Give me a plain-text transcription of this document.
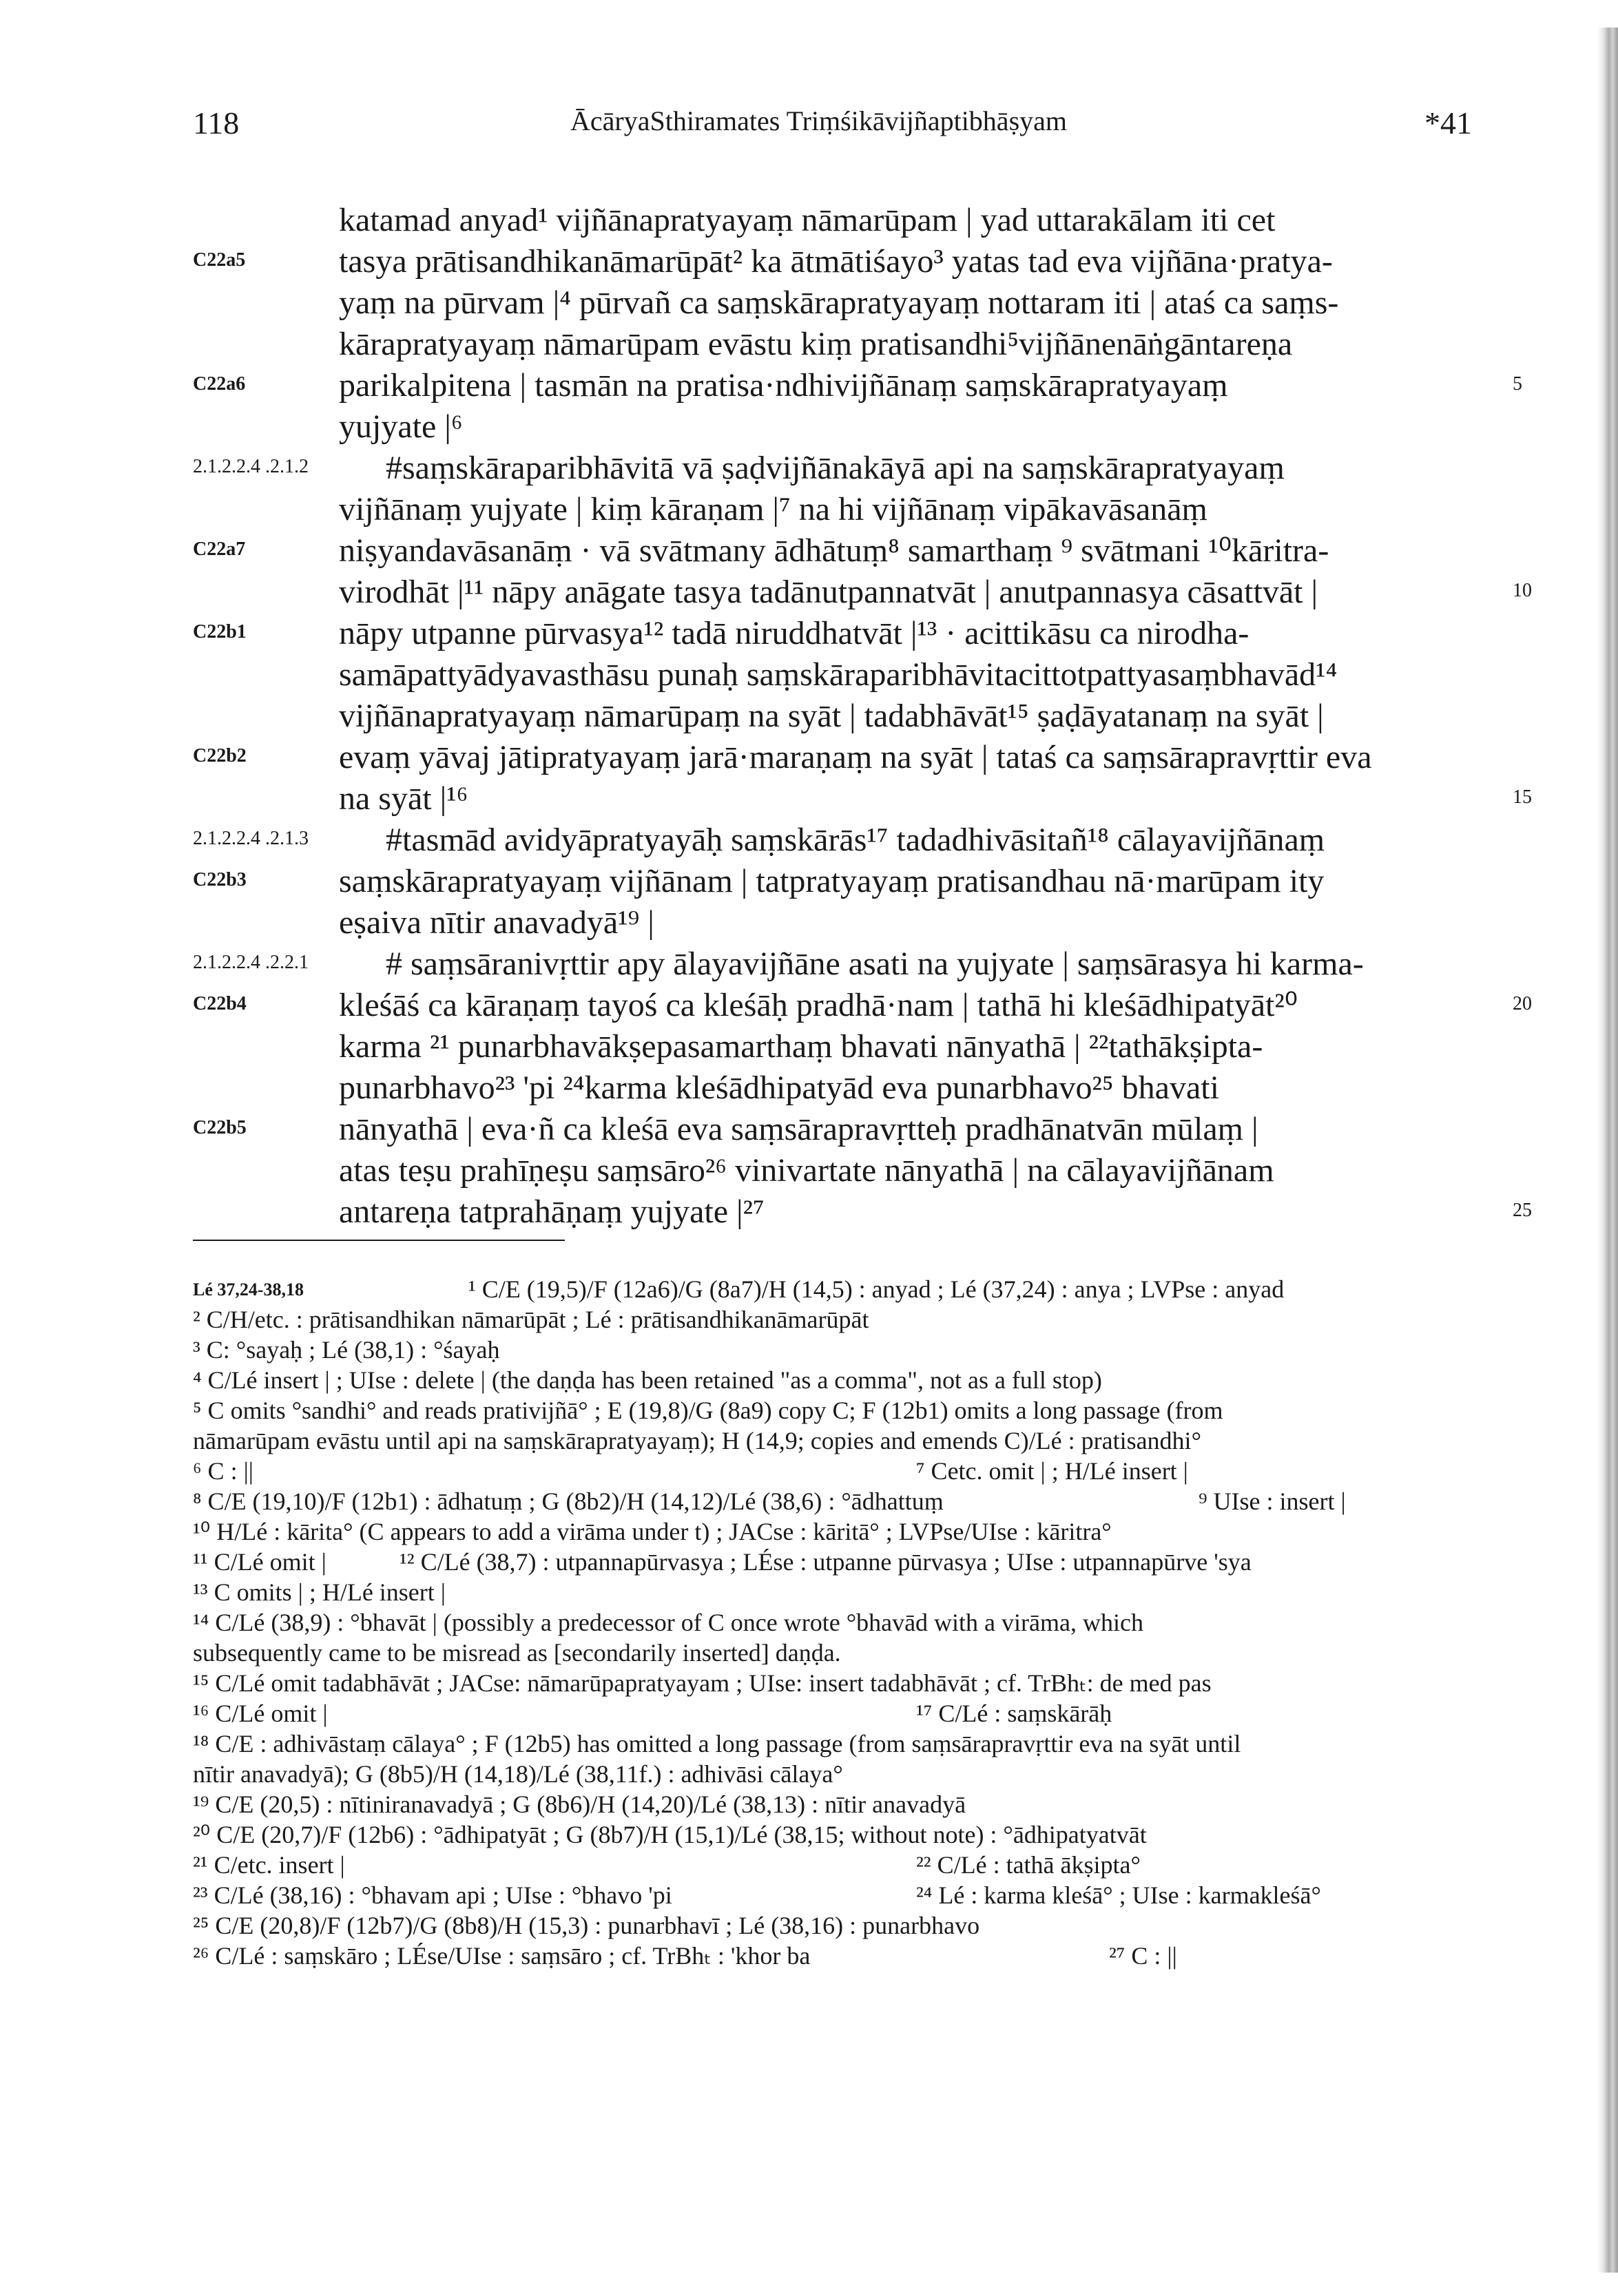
118	ĀcāryaSthiramates Triṃśikāvijñaptibhāṣyam	*41
katamad anyad¹ vijñānapratyayaṃ nāmarūpam | yad uttarakālam iti cet
tasya prātisandhikanāmarūpāt² ka ātmātiśayo³ yatas tad eva vijñāna·pratya-
yaṃ na pūrvam |⁴ pūrvañ ca saṃskārapratyayaṃ nottaram iti | ataś ca saṃs-
kārapratyayaṃ nāmarūpam evāstu kiṃ pratisandhi⁵vijñānenāṅgāntareṇa
parikalpitena | tasmān na pratisa·ndhivijñānaṃ saṃskārapratyayaṃ
yujyate |⁶
#saṃskāraparibhāvitā vā ṣaḍvijñānakāyā api na saṃskārapratyayaṃ
vijñānaṃ yujyate | kiṃ kāraṇam |⁷ na hi vijñānaṃ vipākavāsanāṃ
niṣyandavāsanāṃ · vā svātmany ādhātuṃ⁸ samarthaṃ ⁹ svātmani ¹⁰kāritra-
virodhāt |¹¹ nāpy anāgate tasya tadānutpannatvāt | anutpannasya cāsattvāt |
nāpy utpanne pūrvasya¹² tadā niruddhatvāt |¹³ · acittikāsu ca nirodha-
samāpattyādyavasthāsu punaḥ saṃskāraparibhāvitacittotpattyasaṃbhavād¹⁴
vijñānapratyayaṃ nāmarūpaṃ na syāt | tadabhāvāt¹⁵ ṣaḍāyatanaṃ na syāt |
evaṃ yāvaj jātipratyayaṃ jarā·maraṇaṃ na syāt | tataś ca saṃsārapravṛttir eva
na syāt |¹⁶
#tasmād avidyāpratyayāḥ saṃskārās¹⁷ tadadhivāsitañ¹⁸ cālayavijñānaṃ
saṃskārapratyayaṃ vijñānam | tatpratyayaṃ pratisandhau nā·marūpam ity
eṣaiva nītir anavadyā¹⁹ |
# saṃsāranivṛttir apy ālayavijñāne asati na yujyate | saṃsārasya hi karma-
kleśāś ca kāraṇaṃ tayoś ca kleśāḥ pradhā·nam | tathā hi kleśādhipatyāt²⁰
karma ²¹ punarbhavākṣepasamarthaṃ bhavati nānyathā | ²²tathākṣipta-
punarbhavo²³ 'pi ²⁴karma kleśādhipatyād eva punarbhavo²⁵ bhavati
nānyathā | eva·ñ ca kleśā eva saṃsārapravṛtteḥ pradhānatvān mūlaṃ |
atas teṣu prahīṇeṣu saṃsāro²⁶ vinivartate nānyathā | na cālayavijñānam
antareṇa tatprahāṇaṃ yujyate |²⁷
C22a5
C22a6
2.1.2.2.4 .2.1.2
C22a7
C22b1
C22b2
2.1.2.2.4 .2.1.3
C22b3
2.1.2.2.4 .2.2.1
C22b4
C22b5
5
10
15
20
25
Lé 37,24-38,18	¹ C/E (19,5)/F (12a6)/G (8a7)/H (14,5) : anyad ; Lé (37,24) : anya ; LVPse : anyad
² C/H/etc. : prātisandhikan nāmarūpāt ; Lé : prātisandhikanāmarūpāt
³ C: °sayaḥ ; Lé (38,1) : °śayaḥ
⁴ C/Lé insert | ; UIse : delete | (the daṇḍa has been retained "as a comma", not as a full stop)
⁵ C omits °sandhi° and reads prativijñā° ; E (19,8)/G (8a9) copy C; F (12b1) omits a long passage (from
nāmarūpam evāstu until api na saṃskārapratyayaṃ); H (14,9; copies and emends C)/Lé : pratisandhi°
⁶ C : ||	⁷ Cetc. omit | ; H/Lé insert |
⁸ C/E (19,10)/F (12b1) : ādhatuṃ ; G (8b2)/H (14,12)/Lé (38,6) : °ādhattuṃ	⁹ UIse : insert |
¹⁰ H/Lé : kārita° (C appears to add a virāma under t) ; JACse : kāritā° ; LVPse/UIse : kāritra°
¹¹ C/Lé omit |	¹² C/Lé (38,7) : utpannapūrvasya ; LÉse : utpanne pūrvasya ; UIse : utpannapūrve 'sya
¹³ C omits | ; H/Lé insert |
¹⁴ C/Lé (38,9) : °bhavāt | (possibly a predecessor of C once wrote °bhavād with a virāma, which
subsequently came to be misread as [secondarily inserted] daṇḍa.
¹⁵ C/Lé omit tadabhāvāt ; JACse: nāmarūpapratyayam ; UIse: insert tadabhāvāt ; cf. TrBhₜ: de med pas
¹⁶ C/Lé omit |	¹⁷ C/Lé : saṃskārāḥ
¹⁸ C/E : adhivāstaṃ cālaya° ; F (12b5) has omitted a long passage (from saṃsārapravṛttir eva na syāt until
nītir anavadyā); G (8b5)/H (14,18)/Lé (38,11f.) : adhivāsi cālaya°
¹⁹ C/E (20,5) : nītiniranavadyā ; G (8b6)/H (14,20)/Lé (38,13) : nītir anavadyā
²⁰ C/E (20,7)/F (12b6) : °ādhipatyāt ; G (8b7)/H (15,1)/Lé (38,15; without note) : °ādhipatyatvāt
²¹ C/etc. insert |	²² C/Lé : tathā ākṣipta°
²³ C/Lé (38,16) : °bhavam api ; UIse : °bhavo 'pi	²⁴ Lé : karma kleśā° ; UIse : karmakleśā°
²⁵ C/E (20,8)/F (12b7)/G (8b8)/H (15,3) : punarbhavī ; Lé (38,16) : punarbhavo
²⁶ C/Lé : saṃskāro ; LÉse/UIse : saṃsāro ; cf. TrBhₜ : 'khor ba	²⁷ C : ||
